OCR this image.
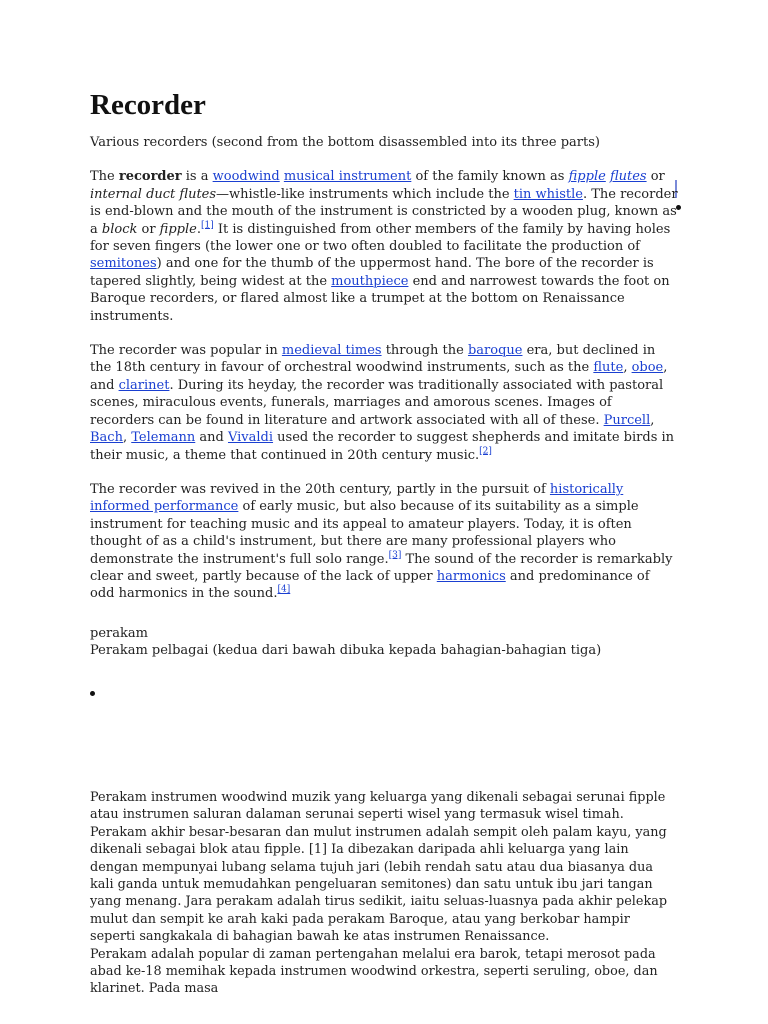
Recorder

Various recorders (second from the bottom disassembled into its three parts)

The recorder is a woodwind musical instrument of the family known as fipple flutes or internal duct flutes—whistle-like instruments which include the tin whistle. The recorder is end-blown and the mouth of the instrument is constricted by a wooden plug, known as a block or fipple.[1] It is distinguished from other members of the family by having holes for seven fingers (the lower one or two often doubled to facilitate the production of semitones) and one for the thumb of the uppermost hand. The bore of the recorder is tapered slightly, being widest at the mouthpiece end and narrowest towards the foot on Baroque recorders, or flared almost like a trumpet at the bottom on Renaissance instruments.

The recorder was popular in medieval times through the baroque era, but declined in the 18th century in favour of orchestral woodwind instruments, such as the flute, oboe, and clarinet. During its heyday, the recorder was traditionally associated with pastoral scenes, miraculous events, funerals, marriages and amorous scenes. Images of recorders can be found in literature and artwork associated with all of these. Purcell, Bach, Telemann and Vivaldi used the recorder to suggest shepherds and imitate birds in their music, a theme that continued in 20th century music.[2]

The recorder was revived in the 20th century, partly in the pursuit of historically informed performance of early music, but also because of its suitability as a simple instrument for teaching music and its appeal to amateur players. Today, it is often thought of as a child's instrument, but there are many professional players who demonstrate the instrument's full solo range.[3] The sound of the recorder is remarkably clear and sweet, partly because of the lack of upper harmonics and predominance of odd harmonics in the sound.[4]

perakam

Perakam pelbagai (kedua dari bawah dibuka kepada bahagian-bahagian tiga)

Perakam instrumen woodwind muzik yang keluarga yang dikenali sebagai serunai fipple atau instrumen saluran dalaman serunai seperti wisel yang termasuk wisel timah. Perakam akhir besar-besaran dan mulut instrumen adalah sempit oleh palam kayu, yang dikenali sebagai blok atau fipple. [1] Ia dibezakan daripada ahli keluarga yang lain dengan mempunyai lubang selama tujuh jari (lebih rendah satu atau dua biasanya dua kali ganda untuk memudahkan pengeluaran semitones) dan satu untuk ibu jari tangan yang menang. Jara perakam adalah tirus sedikit, iaitu seluas-luasnya pada akhir pelekap mulut dan sempit ke arah kaki pada perakam Baroque, atau yang berkobar hampir seperti sangkakala di bahagian bawah ke atas instrumen Renaissance.

Perakam adalah popular di zaman pertengahan melalui era barok, tetapi merosot pada abad ke-18 memihak kepada instrumen woodwind orkestra, seperti seruling, oboe, dan klarinet. Pada masa
